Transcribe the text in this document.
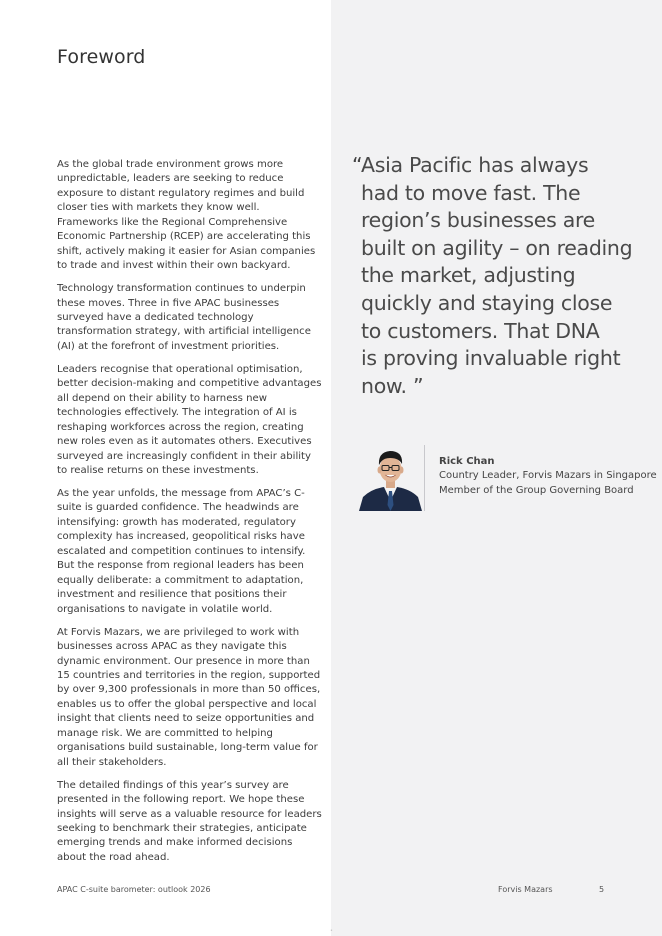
Foreword

As the global trade environment grows more unpredictable, leaders are seeking to reduce exposure to distant regulatory regimes and build closer ties with markets they know well. Frameworks like the Regional Comprehensive Economic Partnership (RCEP) are accelerating this shift, actively making it easier for Asian companies to trade and invest within their own backyard.

Technology transformation continues to underpin these moves. Three in five APAC businesses surveyed have a dedicated technology transformation strategy, with artificial intelligence (AI) at the forefront of investment priorities.

Leaders recognise that operational optimisation, better decision-making and competitive advantages all depend on their ability to harness new technologies effectively. The integration of AI is reshaping workforces across the region, creating new roles even as it automates others. Executives surveyed are increasingly confident in their ability to realise returns on these investments.

As the year unfolds, the message from APAC’s C-suite is guarded confidence. The headwinds are intensifying: growth has moderated, regulatory complexity has increased, geopolitical risks have escalated and competition continues to intensify. But the response from regional leaders has been equally deliberate: a commitment to adaptation, investment and resilience that positions their organisations to navigate in volatile world.

At Forvis Mazars, we are privileged to work with businesses across APAC as they navigate this dynamic environment. Our presence in more than 15 countries and territories in the region, supported by over 9,300 professionals in more than 50 offices, enables us to offer the global perspective and local insight that clients need to seize opportunities and manage risk. We are committed to helping organisations build sustainable, long-term value for all their stakeholders.

The detailed findings of this year’s survey are presented in the following report. We hope these insights will serve as a valuable resource for leaders seeking to benchmark their strategies, anticipate emerging trends and make informed decisions about the road ahead.

“
Asia Pacific has always
had to move fast. The
region’s businesses are
built on agility – on reading
the market, adjusting
quickly and staying close
to customers. That DNA
is proving invaluable right
now. ”
Rick Chan
Country Leader, Forvis Mazars in Singapore
Member of the Group Governing Board
APAC C-suite barometer: outlook 2026	Forvis Mazars	5
•
